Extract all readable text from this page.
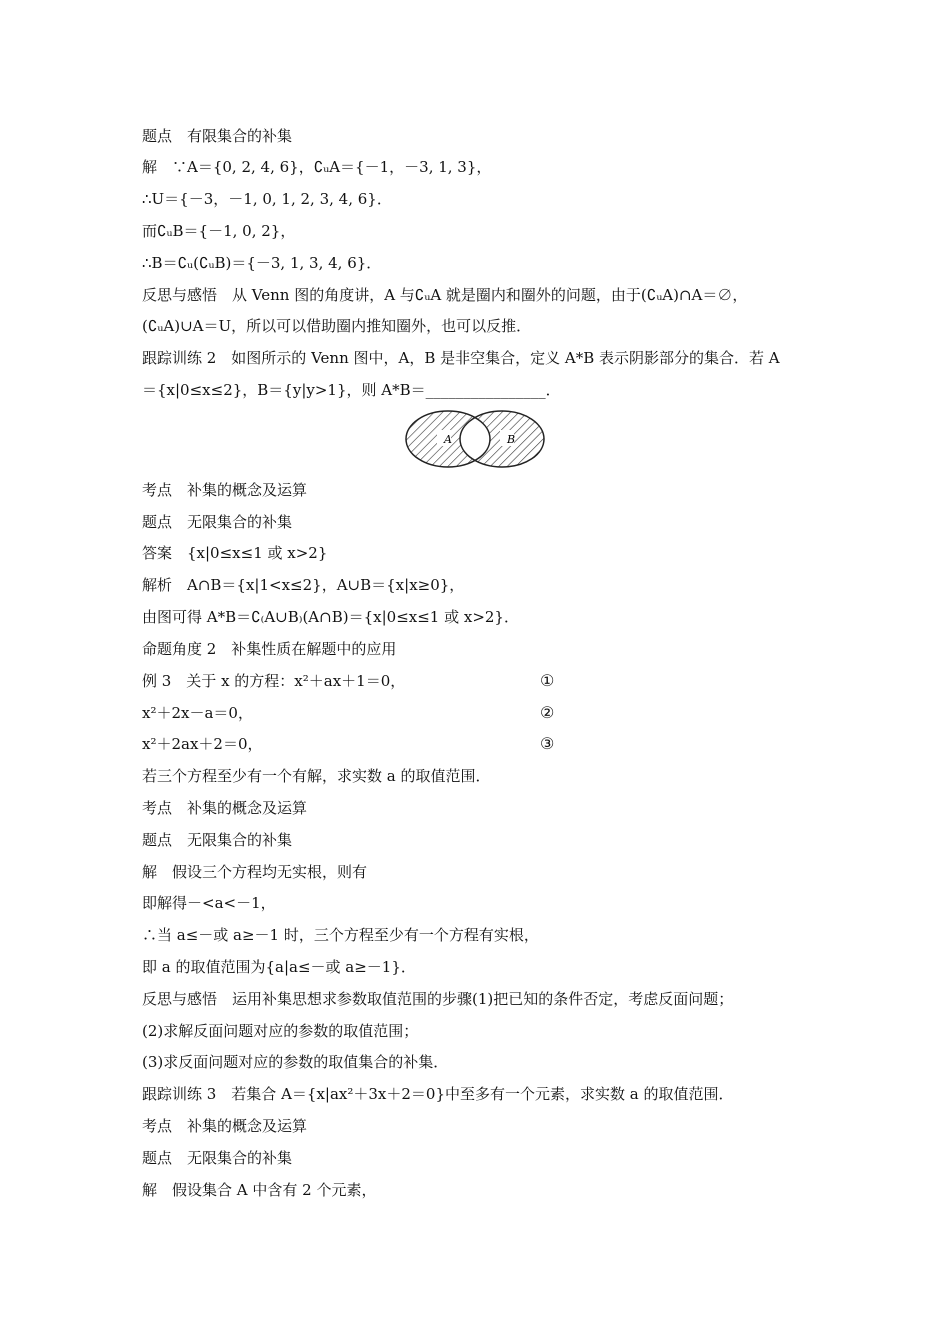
题点　有限集合的补集
解　∵A＝{0, 2, 4, 6}，∁ᵤA＝{－1，－3, 1, 3}，
∴U＝{－3，－1, 0, 1, 2, 3, 4, 6}．
而∁ᵤB＝{－1, 0, 2}，
∴B＝∁ᵤ(∁ᵤB)＝{－3, 1, 3, 4, 6}．
反思与感悟　从 Venn 图的角度讲，A 与∁ᵤA 就是圈内和圈外的问题，由于(∁ᵤA)∩A＝∅，
(∁ᵤA)∪A＝U，所以可以借助圈内推知圈外，也可以反推．
跟踪训练 2　如图所示的 Venn 图中，A，B 是非空集合，定义 A*B 表示阴影部分的集合．若 A
＝{x|0≤x≤2}，B＝{y|y>1}，则 A*B＝________________．
A	B
考点　补集的概念及运算
题点　无限集合的补集
答案　{x|0≤x≤1 或 x>2}
解析　A∩B＝{x|1<x≤2}，A∪B＝{x|x≥0}，
由图可得 A*B＝∁₍A∪B₎(A∩B)＝{x|0≤x≤1 或 x>2}．
命题角度 2　补集性质在解题中的应用
例 3　关于 x 的方程：x²＋ax＋1＝0，
x²＋2x－a＝0，
x²＋2ax＋2＝0，
①
②
③
若三个方程至少有一个有解，求实数 a 的取值范围．
考点　补集的概念及运算
题点　无限集合的补集
解　假设三个方程均无实根，则有
即解得－<a<－1，
∴当 a≤－或 a≥－1 时，三个方程至少有一个方程有实根，
即 a 的取值范围为{a|a≤－或 a≥－1}．
反思与感悟　运用补集思想求参数取值范围的步骤(1)把已知的条件否定，考虑反面问题；
(2)求解反面问题对应的参数的取值范围；
(3)求反面问题对应的参数的取值集合的补集．
跟踪训练 3　若集合 A＝{x|ax²＋3x＋2＝0}中至多有一个元素，求实数 a 的取值范围．
考点　补集的概念及运算
题点　无限集合的补集
解　假设集合 A 中含有 2 个元素，
